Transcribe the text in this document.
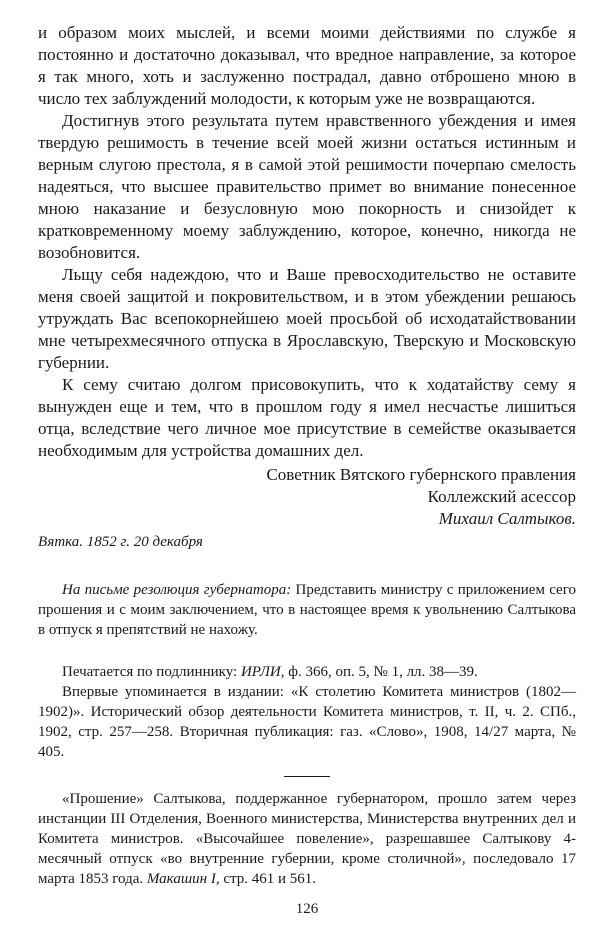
и образом моих мыслей, и всеми моими действиями по службе я постоянно и достаточно доказывал, что вредное направление, за которое я так много, хоть и заслуженно пострадал, давно отброшено мною в число тех заблуждений молодости, к которым уже не возвращаются.

Достигнув этого результата путем нравственного убеждения и имея твердую решимость в течение всей моей жизни остаться истинным и верным слугою престола, я в самой этой решимости почерпаю смелость надеяться, что высшее правительство примет во внимание понесенное мною наказание и безусловную мою покорность и снизойдет к кратковременному моему заблуждению, которое, конечно, никогда не возобновится.

Льщу себя надеждою, что и Ваше превосходительство не оставите меня своей защитой и покровительством, и в этом убеждении решаюсь утруждать Вас всепокорнейшею моей просьбой об исходатайствовании мне четырехмесячного отпуска в Ярославскую, Тверскую и Московскую губернии.

К сему считаю долгом присовокупить, что к ходатайству сему я вынужден еще и тем, что в прошлом году я имел несчастье лишиться отца, вследствие чего личное мое присутствие в семействе оказывается необходимым для устройства домашних дел.

Советник Вятского губернского правления
Коллежский асессор
Михаил Салтыков.
Вятка. 1852 г. 20 декабря

На письме резолюция губернатора: Представить министру с приложением сего прошения и с моим заключением, что в настоящее время к увольнению Салтыкова в отпуск я препятствий не нахожу.

Печатается по подлиннику: ИРЛИ, ф. 366, оп. 5, № 1, лл. 38—39.

Впервые упоминается в издании: «К столетию Комитета министров (1802—1902)». Исторический обзор деятельности Комитета министров, т. II, ч. 2. СПб., 1902, стр. 257—258. Вторичная публикация: газ. «Слово», 1908, 14/27 марта, № 405.

«Прошение» Салтыкова, поддержанное губернатором, прошло затем через инстанции III Отделения, Военного министерства, Министерства внутренних дел и Комитета министров. «Высочайшее повеление», разрешавшее Салтыкову 4-месячный отпуск «во внутренние губернии, кроме столичной», последовало 17 марта 1853 года. Макашин I, стр. 461 и 561.

126
